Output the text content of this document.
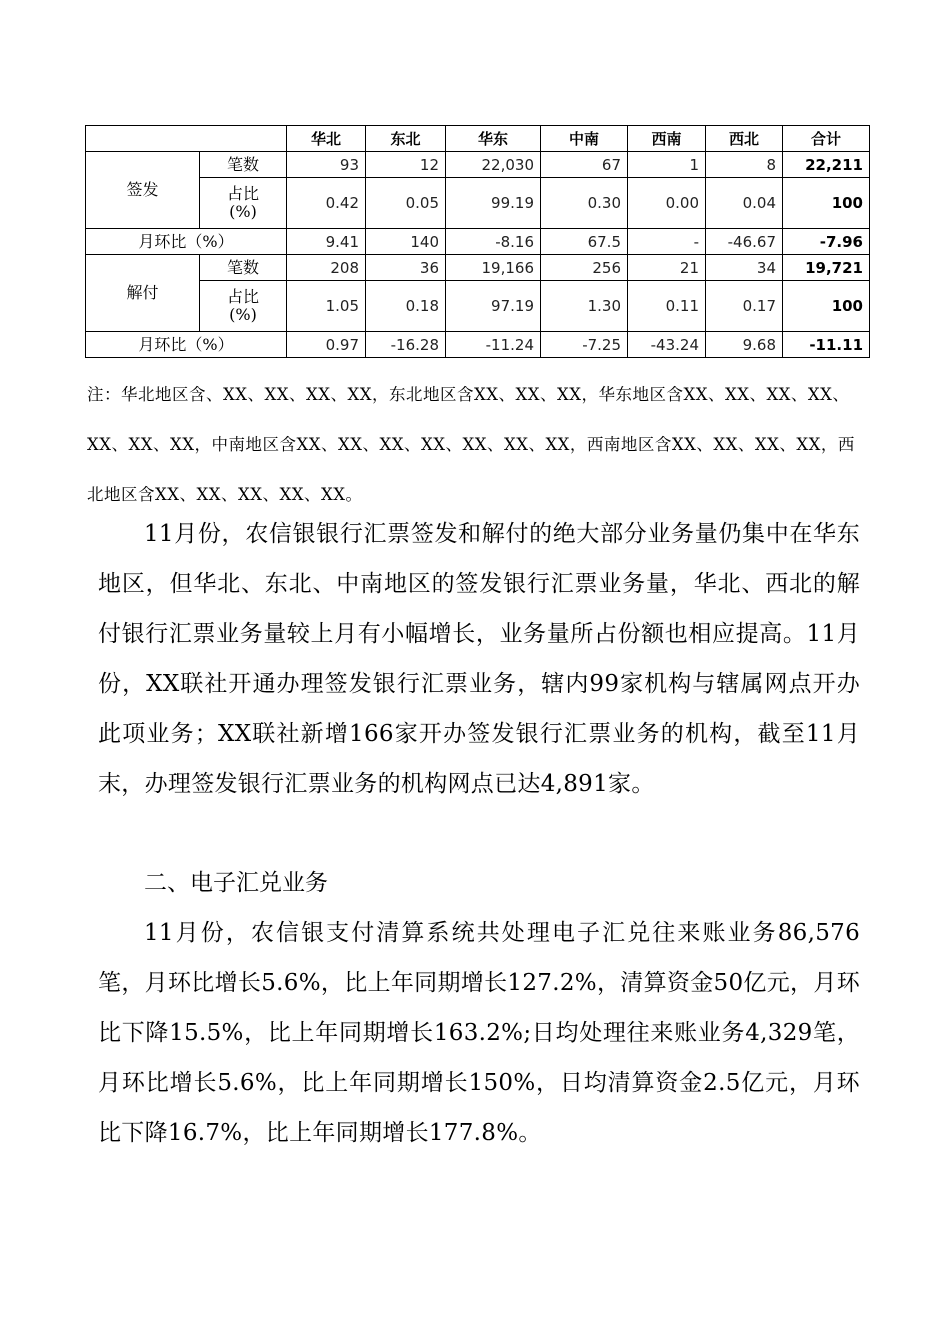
		华北	东北	华东	中南	西南	西北	合计
签发	笔数	93	12	22,030	67	1	8	22,211

	占比
(%)	0.42	0.05	99.19	0.30	0.00	0.04	100
月环比（%）		9.41	140	-8.16	67.5	-	-46.67	-7.96
解付	笔数	208	36	19,166	256	21	34	19,721

	占比
(%)	1.05	0.18	97.19	1.30	0.11	0.17	100
月环比（%）		0.97	-16.28	-11.24	-7.25	-43.24	9.68	-11.11

注：华北地区含、XX、XX、XX、XX，东北地区含XX、XX、XX，华东地区含XX、XX、XX、XX、XX、XX、XX，中南地区含XX、XX、XX、XX、XX、XX、XX，西南地区含XX、XX、XX、XX，西北地区含XX、XX、XX、XX、XX。

11月份，农信银银行汇票签发和解付的绝大部分业务量仍集中在华东地区，但华北、东北、中南地区的签发银行汇票业务量，华北、西北的解付银行汇票业务量较上月有小幅增长，业务量所占份额也相应提高。11月份，XX联社开通办理签发银行汇票业务，辖内99家机构与辖属网点开办此项业务；XX联社新增166家开办签发银行汇票业务的机构，截至11月末，办理签发银行汇票业务的机构网点已达4,891家。

二、电子汇兑业务

11月份，农信银支付清算系统共处理电子汇兑往来账业务86,576笔，月环比增长5.6%，比上年同期增长127.2%，清算资金50亿元，月环比下降15.5%，比上年同期增长163.2%;日均处理往来账业务4,329笔，月环比增长5.6%，比上年同期增长150%，日均清算资金2.5亿元，月环比下降16.7%，比上年同期增长177.8%。
